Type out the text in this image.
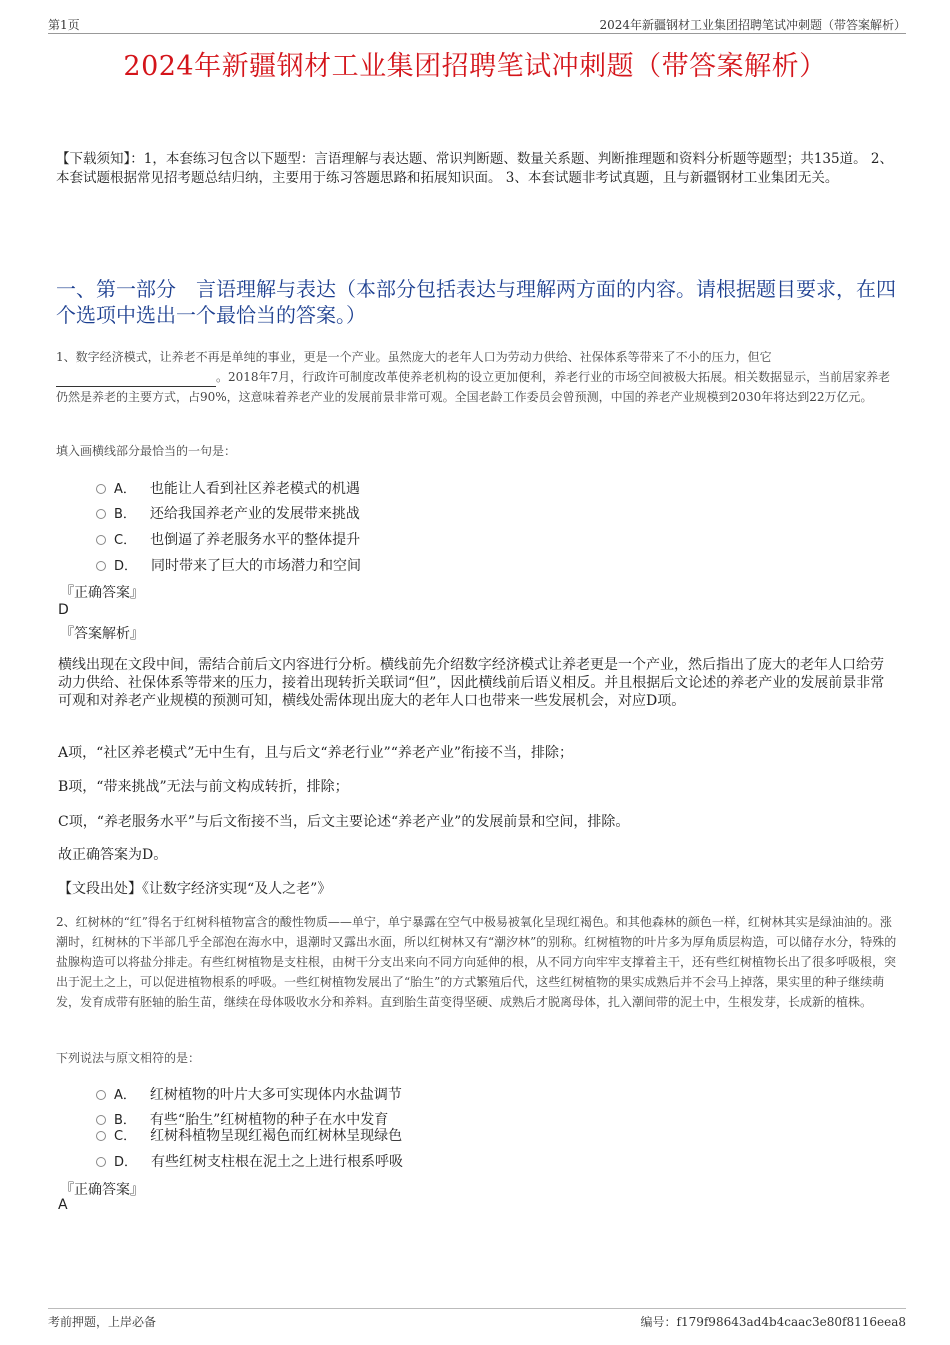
第1页	2024年新疆钢材工业集团招聘笔试冲刺题（带答案解析）
2024年新疆钢材工业集团招聘笔试冲刺题（带答案解析）
【下载须知】：1，本套练习包含以下题型：言语理解与表达题、常识判断题、数量关系题、判断推理题和资料分析题等题型；共135道。 2、本套试题根据常见招考题总结归纳，主要用于练习答题思路和拓展知识面。 3、本套试题非考试真题，且与新疆钢材工业集团无关。
一、第一部分　言语理解与表达（本部分包括表达与理解两方面的内容。请根据题目要求，在四个选项中选出一个最恰当的答案。）
1、数字经济模式，让养老不再是单纯的事业，更是一个产业。虽然庞大的老年人口为劳动力供给、社保体系等带来了不小的压力，但它
。2018年7月，行政许可制度改革使养老机构的设立更加便利，养老行业的市场空间被极大拓展。相关数据显示，当前居家养老仍然是养老的主要方式，占90%，这意味着养老产业的发展前景非常可观。全国老龄工作委员会曾预测，中国的养老产业规模到2030年将达到22万亿元。
填入画横线部分最恰当的一句是：
A． 也能让人看到社区养老模式的机遇
B． 还给我国养老产业的发展带来挑战
C． 也倒逼了养老服务水平的整体提升
D． 同时带来了巨大的市场潜力和空间
『正确答案』
D
『答案解析』
横线出现在文段中间，需结合前后文内容进行分析。横线前先介绍数字经济模式让养老更是一个产业，然后指出了庞大的老年人口给劳动力供给、社保体系等带来的压力，接着出现转折关联词“但”，因此横线前后语义相反。并且根据后文论述的养老产业的发展前景非常可观和对养老产业规模的预测可知，横线处需体现出庞大的老年人口也带来一些发展机会，对应D项。
A项，“社区养老模式”无中生有，且与后文“养老行业”“养老产业”衔接不当，排除；
B项，“带来挑战”无法与前文构成转折，排除；
C项，“养老服务水平”与后文衔接不当，后文主要论述“养老产业”的发展前景和空间，排除。
故正确答案为D。
【文段出处】《让数字经济实现“及人之老”》
2、红树林的“红”得名于红树科植物富含的酸性物质——单宁，单宁暴露在空气中极易被氧化呈现红褐色。和其他森林的颜色一样，红树林其实是绿油油的。涨潮时，红树林的下半部几乎全部泡在海水中，退潮时又露出水面，所以红树林又有“潮汐林”的别称。红树植物的叶片多为厚角质层构造，可以储存水分，特殊的盐腺构造可以将盐分排走。有些红树植物是支柱根，由树干分支出来向不同方向延伸的根，从不同方向牢牢支撑着主干，还有些红树植物长出了很多呼吸根，突出于泥土之上，可以促进植物根系的呼吸。一些红树植物发展出了“胎生”的方式繁殖后代，这些红树植物的果实成熟后并不会马上掉落，果实里的种子继续萌发，发育成带有胚轴的胎生苗，继续在母体吸收水分和养料。直到胎生苗变得坚硬、成熟后才脱离母体，扎入潮间带的泥土中，生根发芽，长成新的植株。
下列说法与原文相符的是：
A． 红树植物的叶片大多可实现体内水盐调节
B． 有些“胎生”红树植物的种子在水中发育
C． 红树科植物呈现红褐色而红树林呈现绿色
D． 有些红树支柱根在泥土之上进行根系呼吸
『正确答案』
A
考前押题，上岸必备	编号：f179f98643ad4b4caac3e80f8116eea8
